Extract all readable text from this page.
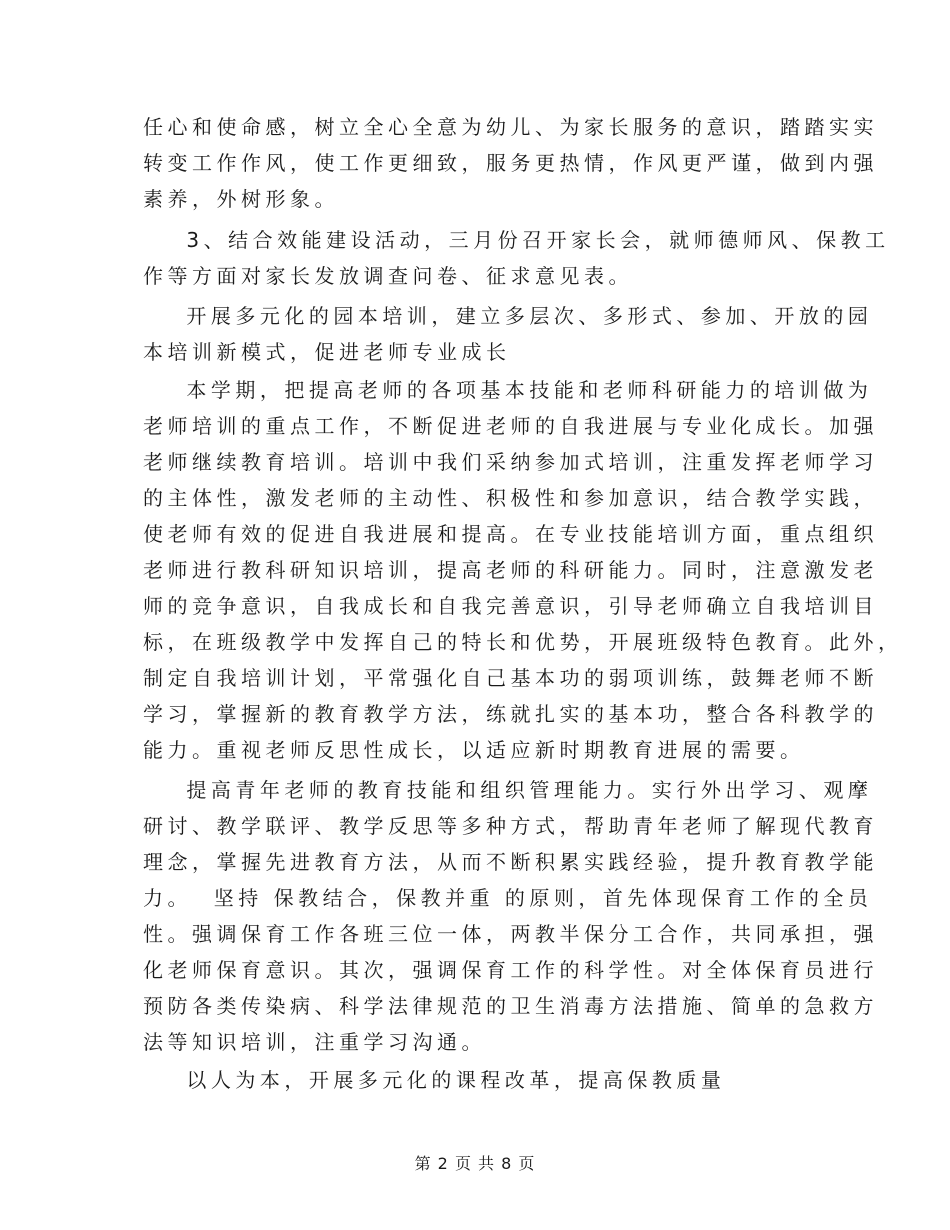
任心和使命感，树立全心全意为幼儿、为家长服务的意识，踏踏实实
转变工作作风，使工作更细致，服务更热情，作风更严谨，做到内强
素养，外树形象。
3、结合效能建设活动，三月份召开家长会，就师德师风、保教工
作等方面对家长发放调查问卷、征求意见表。
开展多元化的园本培训，建立多层次、多形式、参加、开放的园
本培训新模式，促进老师专业成长
本学期，把提高老师的各项基本技能和老师科研能力的培训做为
老师培训的重点工作，不断促进老师的自我进展与专业化成长。加强
老师继续教育培训。培训中我们采纳参加式培训，注重发挥老师学习
的主体性，激发老师的主动性、积极性和参加意识，结合教学实践，
使老师有效的促进自我进展和提高。在专业技能培训方面，重点组织
老师进行教科研知识培训，提高老师的科研能力。同时，注意激发老
师的竞争意识，自我成长和自我完善意识，引导老师确立自我培训目
标，在班级教学中发挥自己的特长和优势，开展班级特色教育。此外，
制定自我培训计划，平常强化自己基本功的弱项训练，鼓舞老师不断
学习，掌握新的教育教学方法，练就扎实的基本功，整合各科教学的
能力。重视老师反思性成长，以适应新时期教育进展的需要。
提高青年老师的教育技能和组织管理能力。实行外出学习、观摩
研讨、教学联评、教学反思等多种方式，帮助青年老师了解现代教育
理念，掌握先进教育方法，从而不断积累实践经验，提升教育教学能
力。  坚持 保教结合，保教并重 的原则，首先体现保育工作的全员
性。强调保育工作各班三位一体，两教半保分工合作，共同承担，强
化老师保育意识。其次，强调保育工作的科学性。对全体保育员进行
预防各类传染病、科学法律规范的卫生消毒方法措施、简单的急救方
法等知识培训，注重学习沟通。
以人为本，开展多元化的课程改革，提高保教质量
第 2 页 共 8 页
